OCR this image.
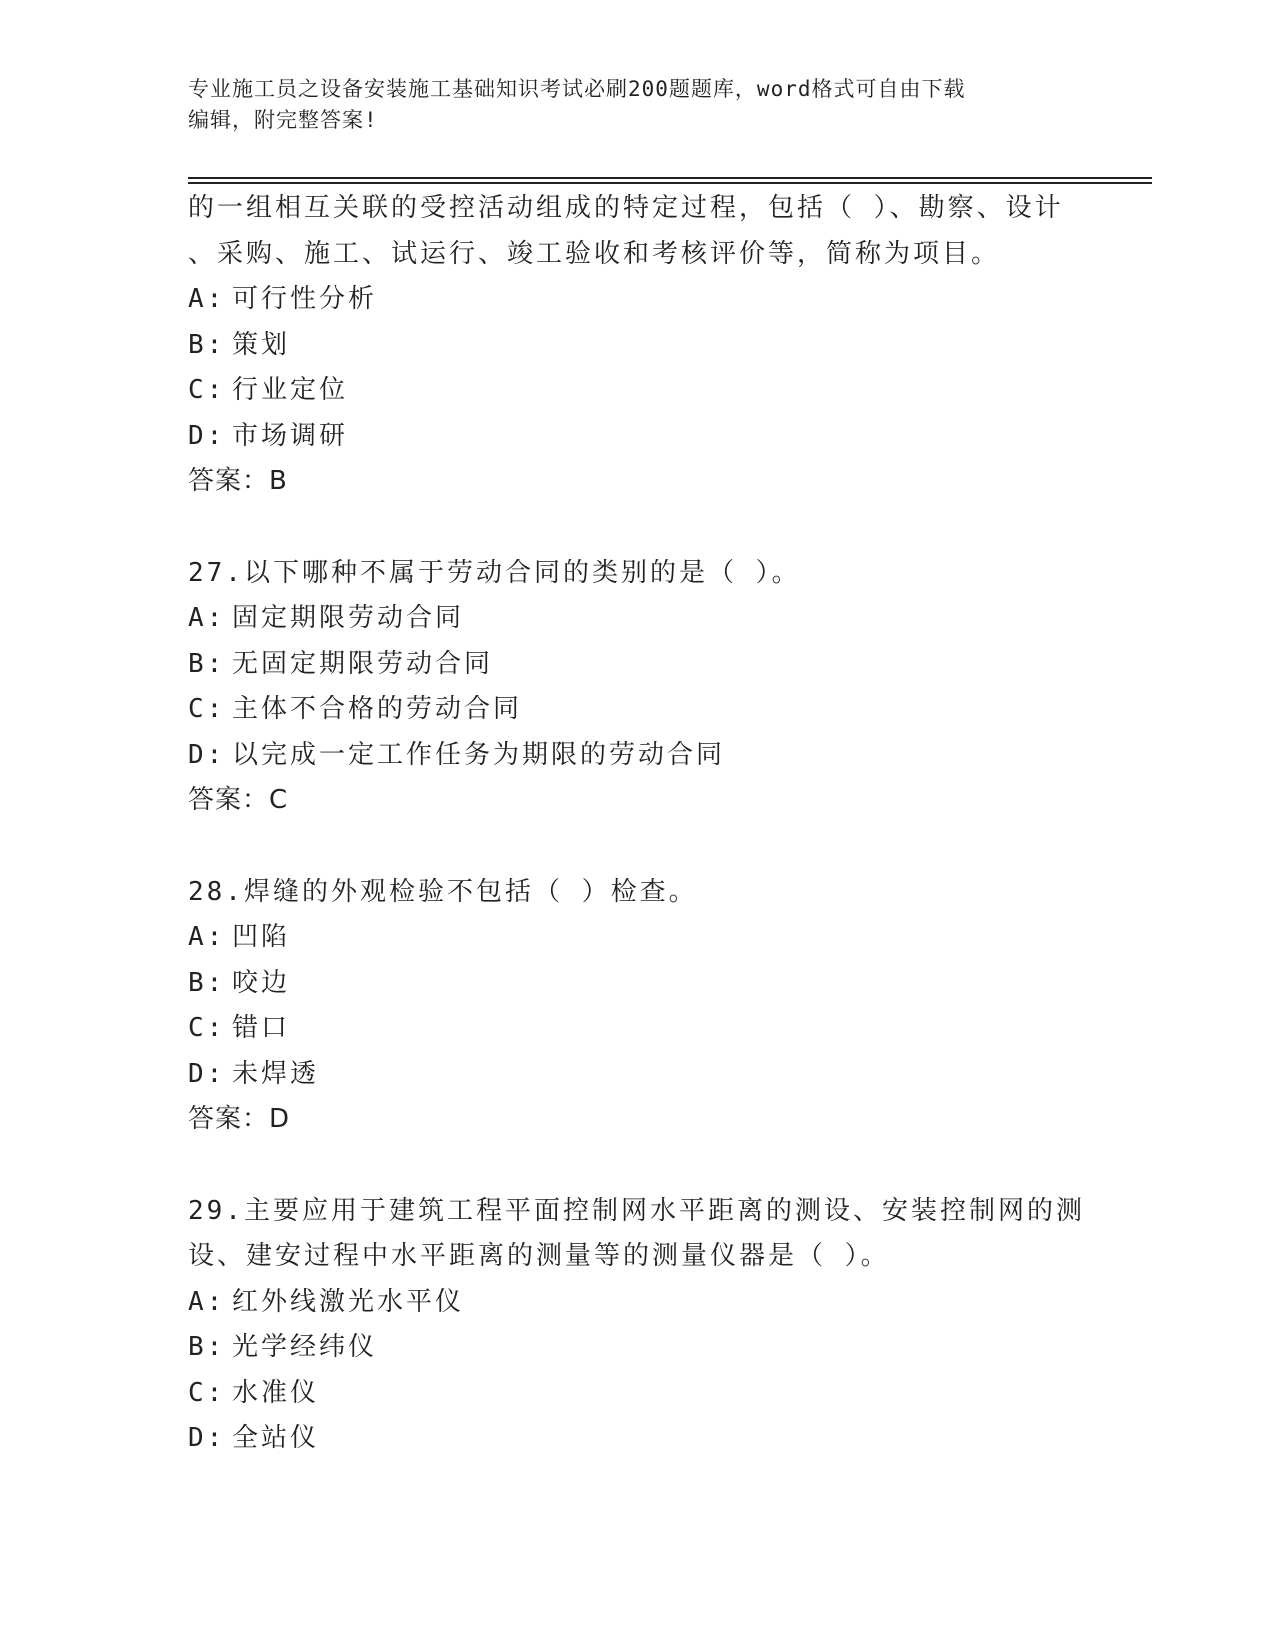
专业施工员之设备安装施工基础知识考试必刷200题题库，word格式可自由下载
编辑，附完整答案!
的一组相互关联的受控活动组成的特定过程，包括（ ）、勘察、设计
、采购、施工、试运行、竣工验收和考核评价等，简称为项目。
A: 可行性分析
B: 策划
C: 行业定位
D: 市场调研
答案：B
27.以下哪种不属于劳动合同的类别的是（ ）。
A: 固定期限劳动合同
B: 无固定期限劳动合同
C: 主体不合格的劳动合同
D: 以完成一定工作任务为期限的劳动合同
答案：C
28.焊缝的外观检验不包括（ ）检查。
A: 凹陷
B: 咬边
C: 错口
D: 未焊透
答案：D
29.主要应用于建筑工程平面控制网水平距离的测设、安装控制网的测
设、建安过程中水平距离的测量等的测量仪器是（ ）。
A: 红外线激光水平仪
B: 光学经纬仪
C: 水准仪
D: 全站仪
